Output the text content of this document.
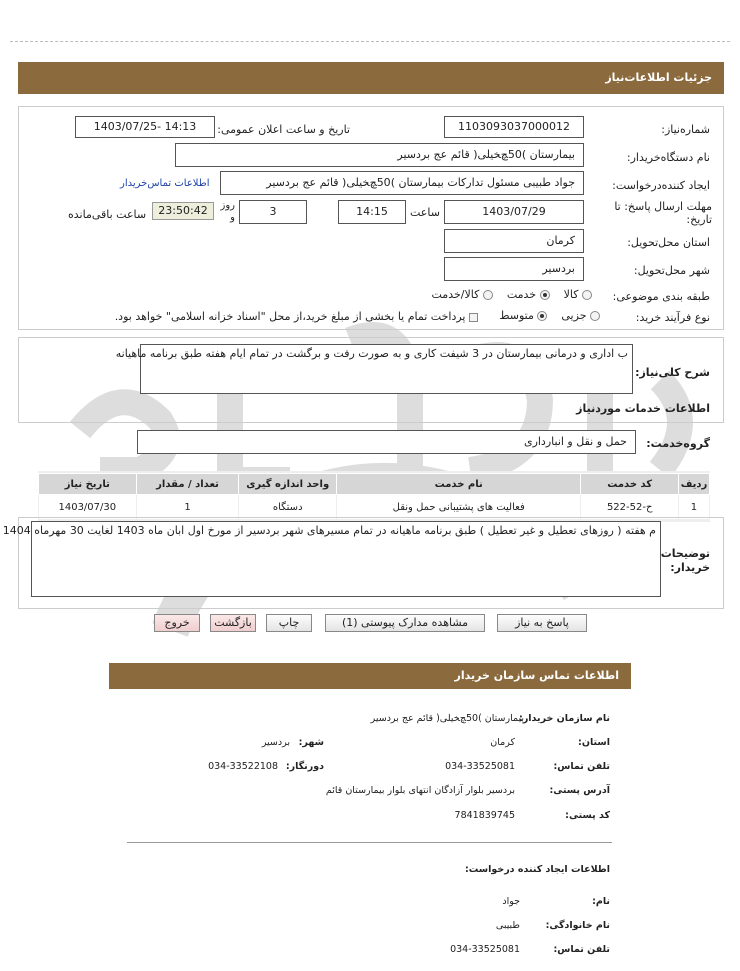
جزئیات اطلاعات‌نیاز
شماره‌نیاز:
1103093037000012
تاریخ و ساعت اعلان عمومی:
1403/07/25- 14:13
نام دستگاه‌خریدار:
بیمارستان )50ﭻﺨﻴﻠﯽ( قائم عج بردسیر
ایجاد کننده‌درخواست:
جواد طبیبی مسئول تدارکات بیمارستان )50ﭻﺨﻴﻠﯽ( قائم عج بردسیر
اطلاعات تماس‌خریدار
مهلت ارسال پاسخ: تا تاریخ:
1403/07/29
ساعت
14:15
3
روز و
23:50:42
ساعت باقی‌مانده
استان محل‌تحویل:
کرمان
شهر محل‌تحویل:
بردسیر
طبقه بندی موضوعی:
کالا     خدمت     کالا/خدمت
نوع فرآیند خرید:
جزیی     متوسط
پرداخت تمام یا بخشی از مبلغ خرید،از محل "اسناد خزانه اسلامی" خواهد بود.
شرح کلی‌نیاز:
ب اداری و درمانی بیمارستان در 3 شیفت کاری و به صورت رفت و برگشت در تمام ایام هفته طبق برنامه ماهیانه
اطلاعات خدمات موردنیاز
گروه‌خدمت:
حمل و نقل و انبارداری
ردیف	کد خدمت	نام خدمت	واحد اندازه گیری	تعداد / مقدار	تاریخ نیاز
1	ح-52-522	فعالیت های پشتیبانی حمل ونقل	دستگاه	1	1403/07/30
توضیحات خریدار:
م هفته ( روزهای تعطیل و غیر تعطیل ) طبق برنامه ماهیانه در تمام مسیرهای شهر بردسیر از مورخ اول ابان ماه 1403 لغایت 30 مهرماه 1404
پاسخ به نیاز
مشاهده مدارک پیوستی (1)
چاپ
بازگشت
خروج
اطلاعات تماس سازمان خریدار
نام سازمان خریدار:
بیمارستان )50ﭻﺨﻴﻠﯽ( قائم عج بردسیر
استان:
کرمان
شهر:
بردسیر
تلفن تماس:
034-33525081
دورنگار:
034-33522108
آدرس پستی:
بردسیر بلوار آزادگان انتهای بلوار بیمارستان قائم
کد پستی:
7841839745
اطلاعات ایجاد کننده درخواست:
نام:
جواد
نام خانوادگی:
طبیبی
تلفن تماس:
034-33525081
